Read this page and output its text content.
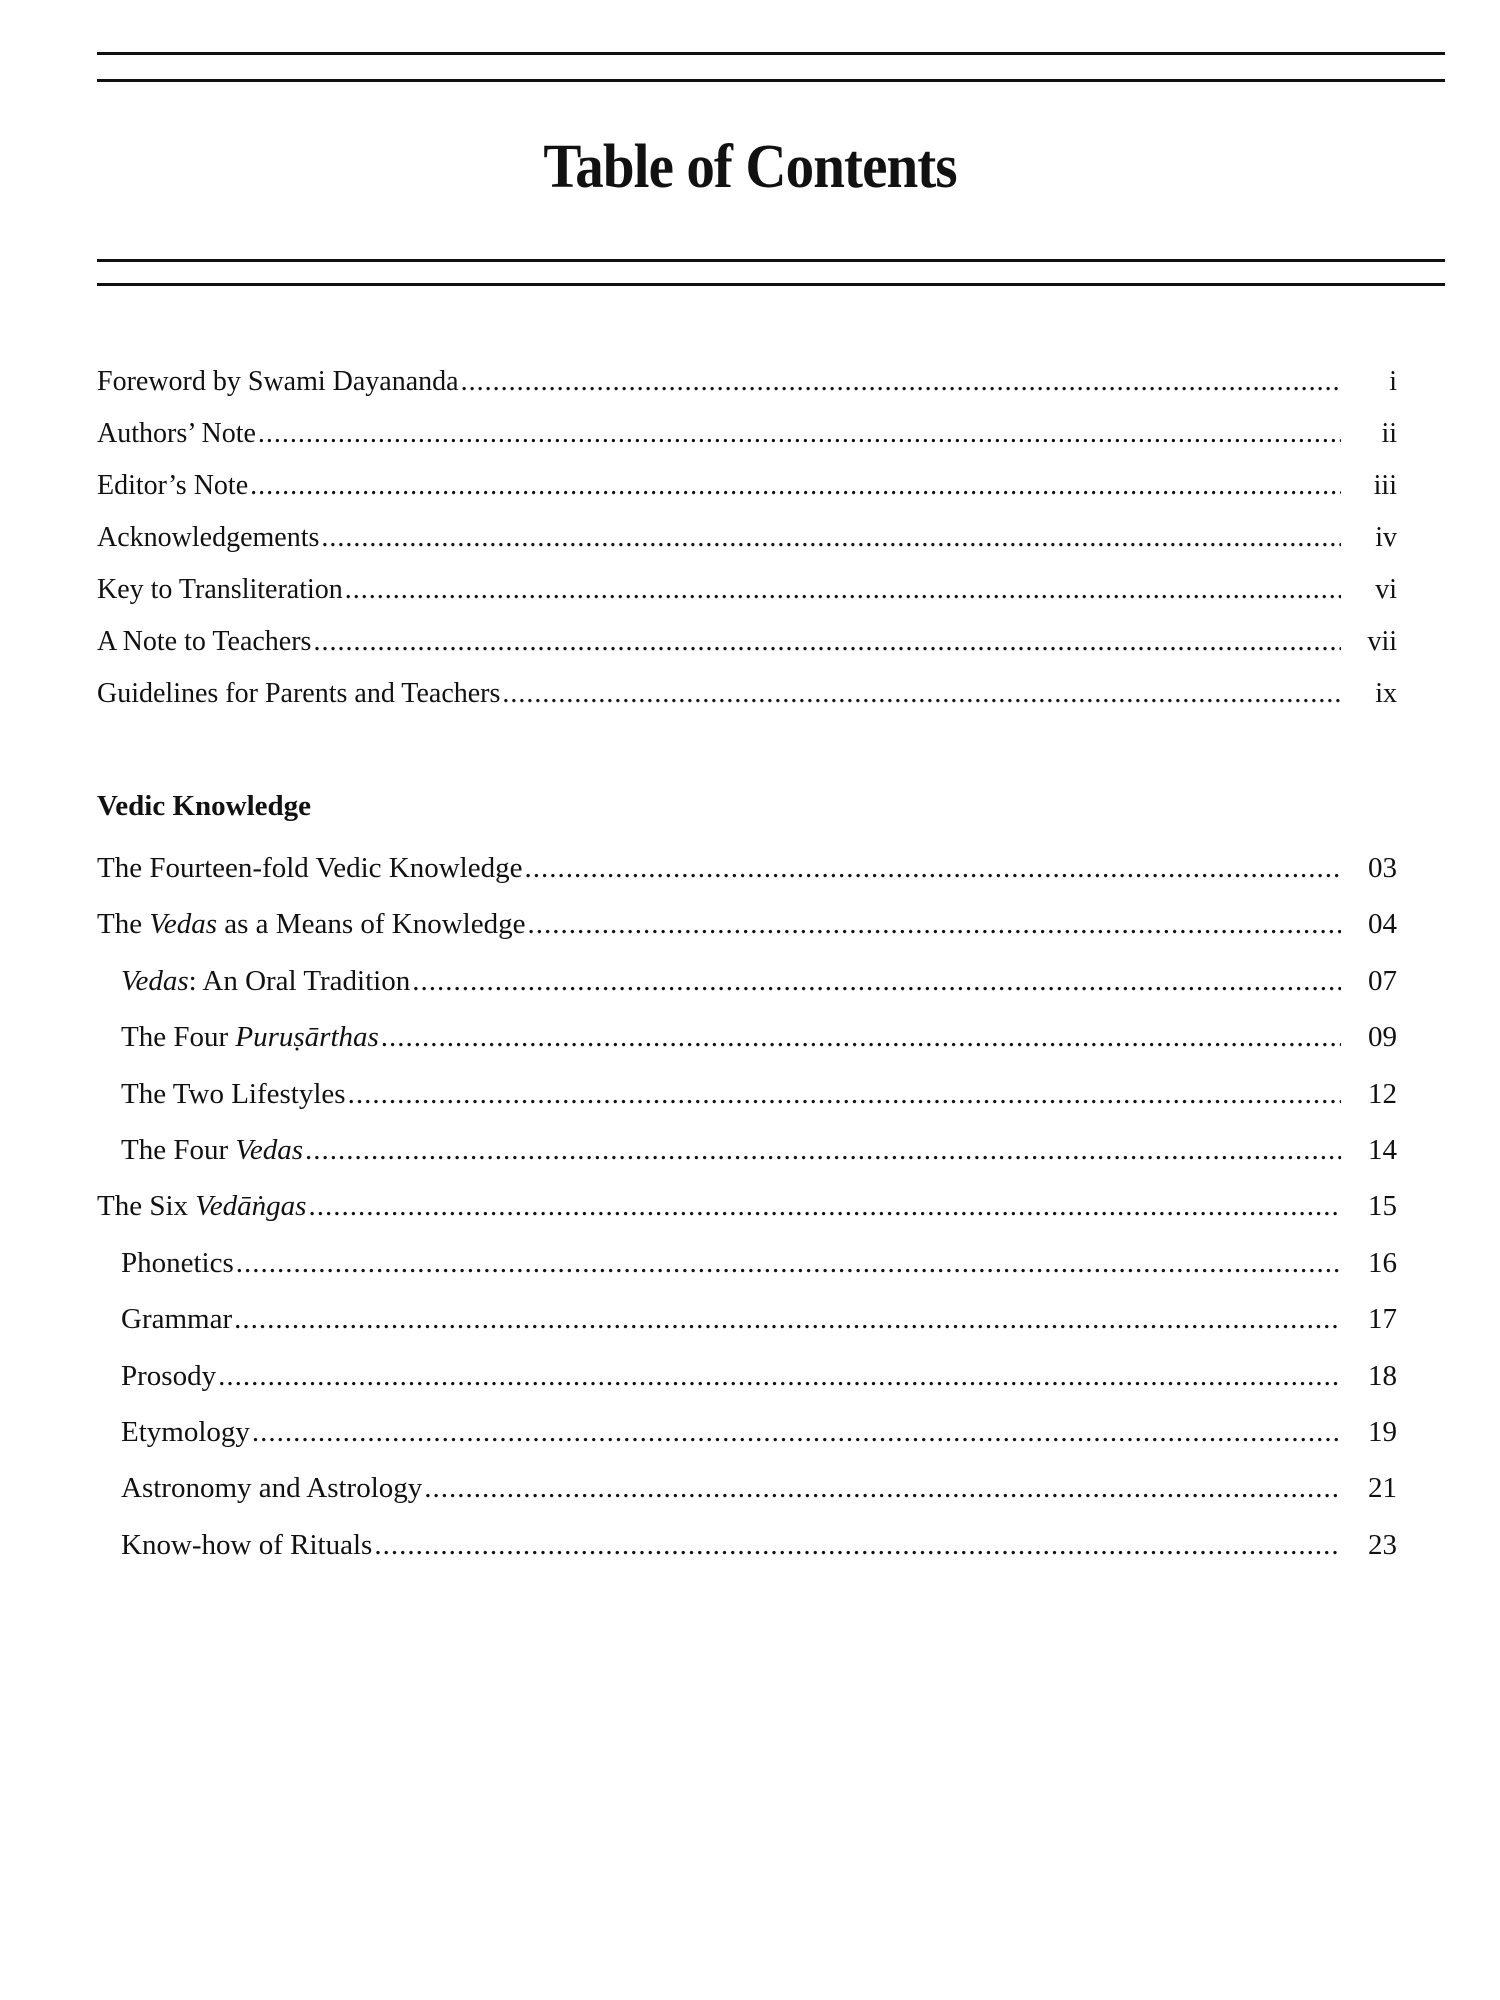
Table of Contents
Foreword by Swami Dayananda .....	i
Authors’ Note .....	ii
Editor’s Note .....	iii
Acknowledgements .....	iv
Key to Transliteration .....	vi
A Note to Teachers .....	vii
Guidelines for Parents and Teachers .....	ix
Vedic Knowledge
The Fourteen-fold Vedic Knowledge .....	03
The Vedas as a Means of Knowledge .....	04
Vedas: An Oral Tradition .....	07
The Four Puruṣārthas .....	09
The Two Lifestyles .....	12
The Four Vedas .....	14
The Six Vedāṅgas .....	15
Phonetics .....	16
Grammar .....	17
Prosody .....	18
Etymology .....	19
Astronomy and Astrology .....	21
Know-how of Rituals .....	23
